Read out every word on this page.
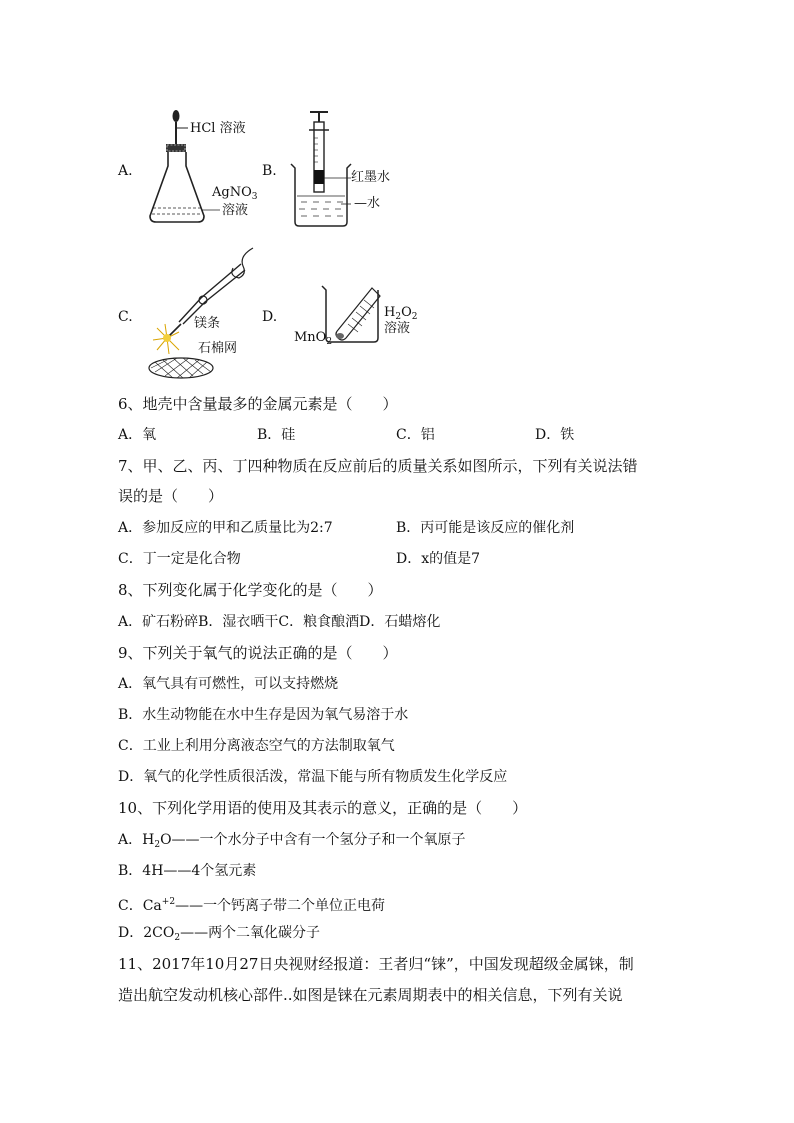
A.
HCl 溶液
AgNO$_3$
溶液
B.	红墨水
—水
C.	镁条
石棉网
D.	$H_2O_2$
溶液
MnO$_2$
6、地壳中含量最多的金属元素是（　　）
A．氧	B．硅	C．铝	D．铁
7、甲、乙、丙、丁四种物质在反应前后的质量关系如图所示，下列有关说法错
误的是（　　）
A．参加反应的甲和乙质量比为2:7	B．丙可能是该反应的催化剂
C．丁一定是化合物	D．x的值是7
8、下列变化属于化学变化的是（　　）
A．矿石粉碎B．湿衣晒干C．粮食酿酒D．石蜡熔化
9、下列关于氧气的说法正确的是（　　）
A．氧气具有可燃性，可以支持燃烧
B．水生动物能在水中生存是因为氧气易溶于水
C．工业上利用分离液态空气的方法制取氧气
D．氧气的化学性质很活泼，常温下能与所有物质发生化学反应
10、下列化学用语的使用及其表示的意义，正确的是（　　）
A．$H_2O——$一个水分子中含有一个氢分子和一个氧原子
B．4H——4个氢元素
C．$Ca^{+2}——$一个钙离子带二个单位正电荷
D．$2CO_2——$两个二氧化碳分子
11、2017年10月27日央视财经报道：王者归“铼”，中国发现超级金属铼，制
造出航空发动机核心部件..如图是铼在元素周期表中的相关信息，下列有关说
